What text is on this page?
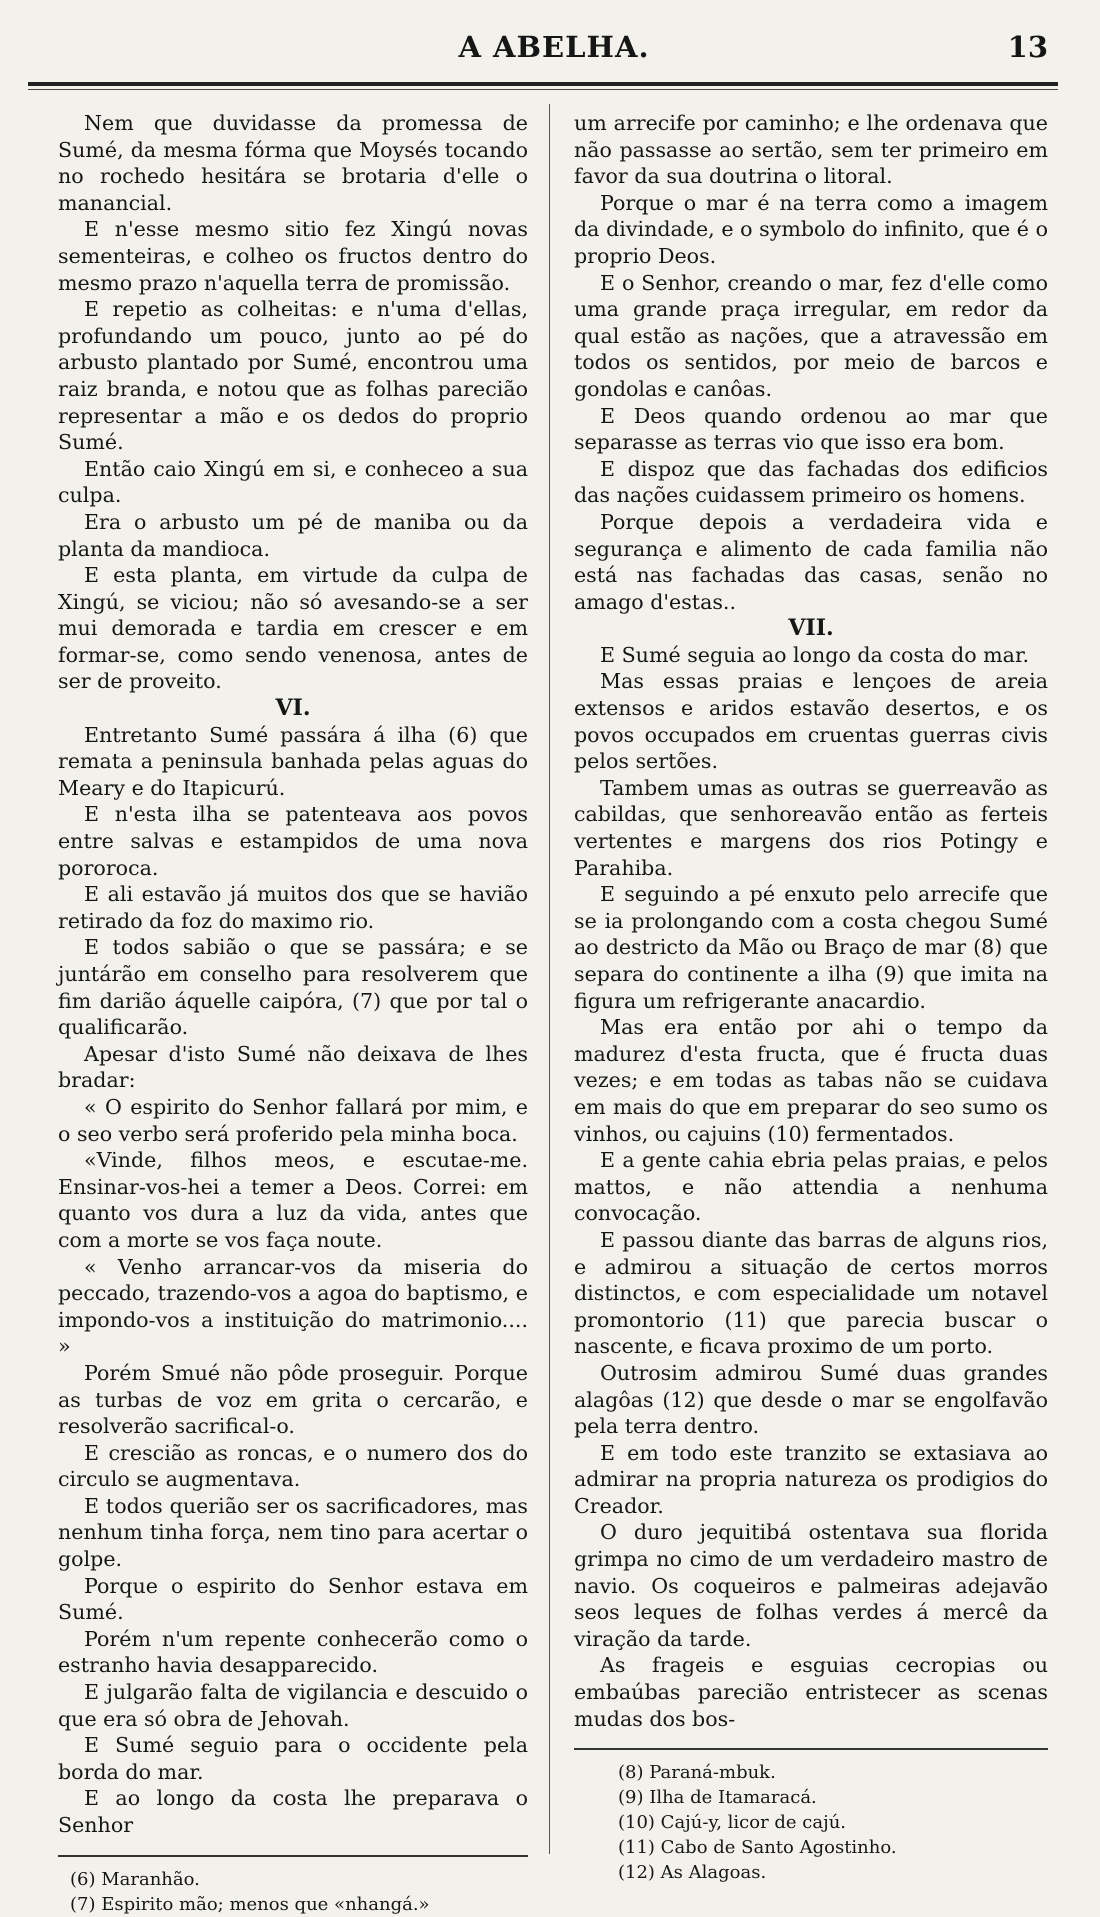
A ABELHA.	13

Nem que duvidasse da promessa de Sumé, da mesma fórma que Moysés tocando no rochedo hesitára se brotaria d'elle o manancial.

E n'esse mesmo sitio fez Xingú novas sementeiras, e colheo os fructos dentro do mesmo prazo n'aquella terra de promissão.

E repetio as colheitas: e n'uma d'ellas, profundando um pouco, junto ao pé do arbusto plantado por Sumé, encontrou uma raiz branda, e notou que as folhas parecião representar a mão e os dedos do proprio Sumé.

Então caio Xingú em si, e conheceo a sua culpa.

Era o arbusto um pé de maniba ou da planta da mandioca.

E esta planta, em virtude da culpa de Xingú, se viciou; não só avesando-se a ser mui demorada e tardia em crescer e em formar-se, como sendo venenosa, antes de ser de proveito.

VI.

Entretanto Sumé passára á ilha (6) que remata a peninsula banhada pelas aguas do Meary e do Itapicurú.

E n'esta ilha se patenteava aos povos entre salvas e estampidos de uma nova pororoca.

E ali estavão já muitos dos que se havião retirado da foz do maximo rio.

E todos sabião o que se passára; e se juntárão em conselho para resolverem que fim darião áquelle caipóra, (7) que por tal o qualificarão.

Apesar d'isto Sumé não deixava de lhes bradar:

« O espirito do Senhor fallará por mim, e o seo verbo será proferido pela minha boca.

«Vinde, filhos meos, e escutae-me. Ensinar-vos-hei a temer a Deos. Correi: em quanto vos dura a luz da vida, antes que com a morte se vos faça noute.

« Venho arrancar-vos da miseria do peccado, trazendo-vos a agoa do baptismo, e impondo-vos a instituição do matrimonio.... »

Porém Smué não pôde proseguir. Porque as turbas de voz em grita o cercarão, e resolverão sacrifical-o.

E crescião as roncas, e o numero dos do circulo se augmentava.

E todos querião ser os sacrificadores, mas nenhum tinha força, nem tino para acertar o golpe.

Porque o espirito do Senhor estava em Sumé.

Porém n'um repente conhecerão como o estranho havia desapparecido.

E julgarão falta de vigilancia e descuido o que era só obra de Jehovah.

E Sumé seguio para o occidente pela borda do mar.

E ao longo da costa lhe preparava o Senhor

(6) Maranhão.

(7) Espirito mão; menos que «nhangá.»

um arrecife por caminho; e lhe ordenava que não passasse ao sertão, sem ter primeiro em favor da sua doutrina o litoral.

Porque o mar é na terra como a imagem da divindade, e o symbolo do infinito, que é o proprio Deos.

E o Senhor, creando o mar, fez d'elle como uma grande praça irregular, em redor da qual estão as nações, que a atravessão em todos os sentidos, por meio de barcos e gondolas e canôas.

E Deos quando ordenou ao mar que separasse as terras vio que isso era bom.

E dispoz que das fachadas dos edificios das nações cuidassem primeiro os homens.

Porque depois a verdadeira vida e segurança e alimento de cada familia não está nas fachadas das casas, senão no amago d'estas..

VII.

E Sumé seguia ao longo da costa do mar.

Mas essas praias e lençoes de areia extensos e aridos estavão desertos, e os povos occupados em cruentas guerras civis pelos sertões.

Tambem umas as outras se guerreavão as cabildas, que senhoreavão então as ferteis vertentes e margens dos rios Potingy e Parahiba.

E seguindo a pé enxuto pelo arrecife que se ia prolongando com a costa chegou Sumé ao destricto da Mão ou Braço de mar (8) que separa do continente a ilha (9) que imita na figura um refrigerante anacardio.

Mas era então por ahi o tempo da madurez d'esta fructa, que é fructa duas vezes; e em todas as tabas não se cuidava em mais do que em preparar do seo sumo os vinhos, ou cajuins (10) fermentados.

E a gente cahia ebria pelas praias, e pelos mattos, e não attendia a nenhuma convocação.

E passou diante das barras de alguns rios, e admirou a situação de certos morros distinctos, e com especialidade um notavel promontorio (11) que parecia buscar o nascente, e ficava proximo de um porto.

Outrosim admirou Sumé duas grandes alagôas (12) que desde o mar se engolfavão pela terra dentro.

E em todo este tranzito se extasiava ao admirar na propria natureza os prodigios do Creador.

O duro jequitibá ostentava sua florida grimpa no cimo de um verdadeiro mastro de navio. Os coqueiros e palmeiras adejavão seos leques de folhas verdes á mercê da viração da tarde.

As frageis e esguias cecropias ou embaúbas parecião entristecer as scenas mudas dos bos-

(8) Paraná-mbuk.

(9) Ilha de Itamaracá.

(10) Cajú-y, licor de cajú.

(11) Cabo de Santo Agostinho.

(12) As Alagoas.
